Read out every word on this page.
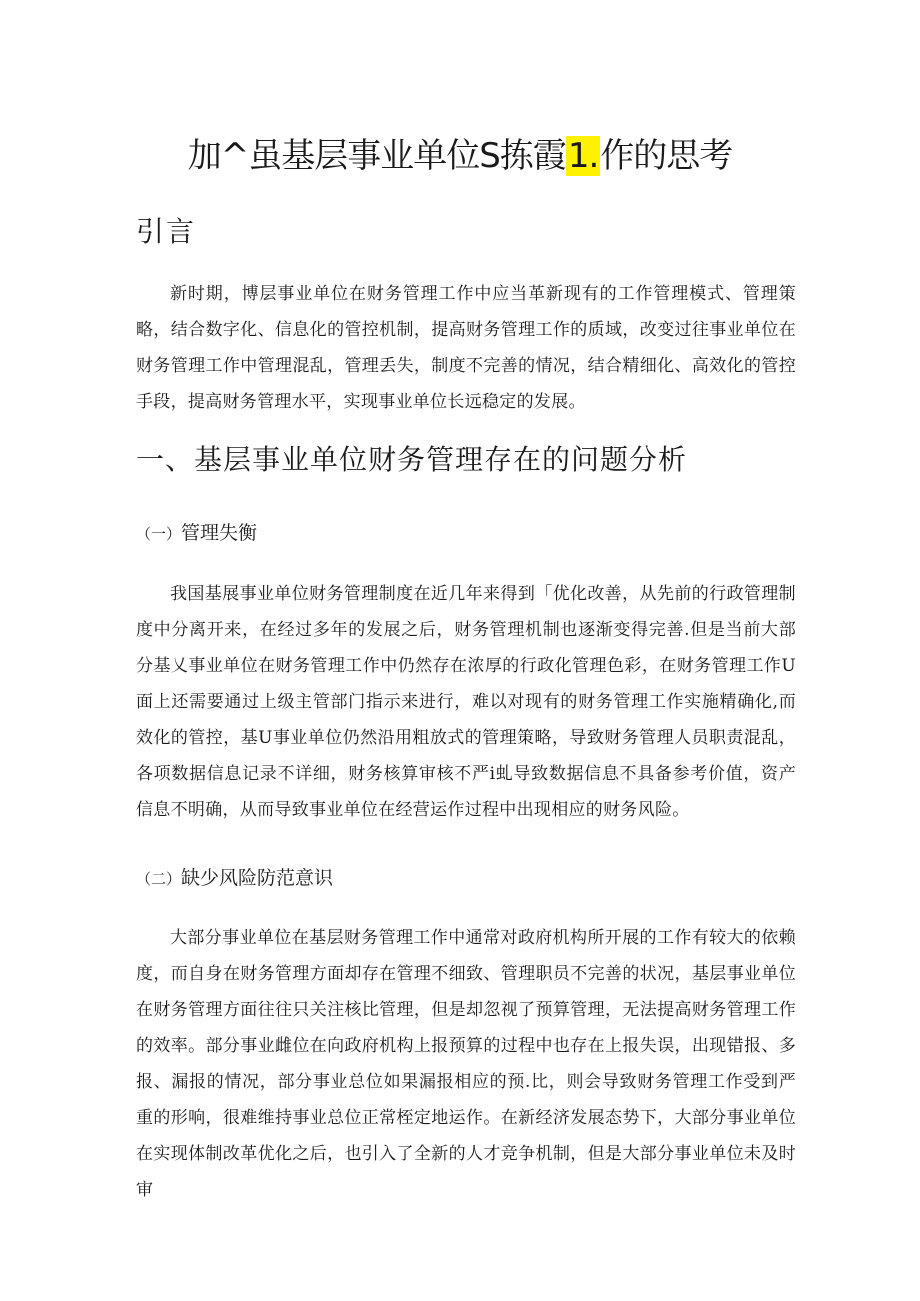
加^虽基层事业单位S拣霞1.作的思考
引言

新时期，博层事业单位在财务管理工作中应当革新现有的工作管理模式、管理策略，结合数字化、信息化的管控机制，提高财务管理工作的质域，改变过往事业单位在财务管理工作中管理混乱，管理丢失，制度不完善的情况，结合精细化、高效化的管控手段，提高财务管理水平，实现事业单位长远稳定的发展。

一、基层事业单位财务管理存在的问题分析
（一）管理失衡

我国基展事业单位财务管理制度在近几年来得到「优化改善，从先前的行政管理制度中分离开来，在经过多年的发展之后，财务管理机制也逐渐变得完善.但是当前大部分基乂事业单位在财务管理工作中仍然存在浓厚的行政化管理色彩，在财务管理工作U面上还需要通过上级主管部门指示来进行，难以对现有的财务管理工作实施精确化,而效化的管控，基U事业单位仍然沿用粗放式的管理策略，导致财务管理人员职责混乱，各项数据信息记录不详细，财务核算审核不严i虬导致数据信息不具备参考价值，资产信息不明确，从而导致事业单位在经营运作过程中出现相应的财务风险。

（二）缺少风险防范意识

大部分事业单位在基层财务管理工作中通常对政府机构所开展的工作有较大的依赖度，而自身在财务管理方面却存在管理不细致、管理职员不完善的状况，基层事业单位在财务管理方面往往只关注核比管理，但是却忽视了预算管理，无法提高财务管理工作的效率。部分事业雌位在向政府机构上报预算的过程中也存在上报失误，出现错报、多报、漏报的情况，部分事业总位如果漏报相应的预.比，则会导致财务管理工作受到严重的形响，很难维持事业总位正常桎定地运作。在新经济发展态势下，大部分事业单位在实现体制改革优化之后，也引入了全新的人才竞争机制，但是大部分事业单位未及时审
